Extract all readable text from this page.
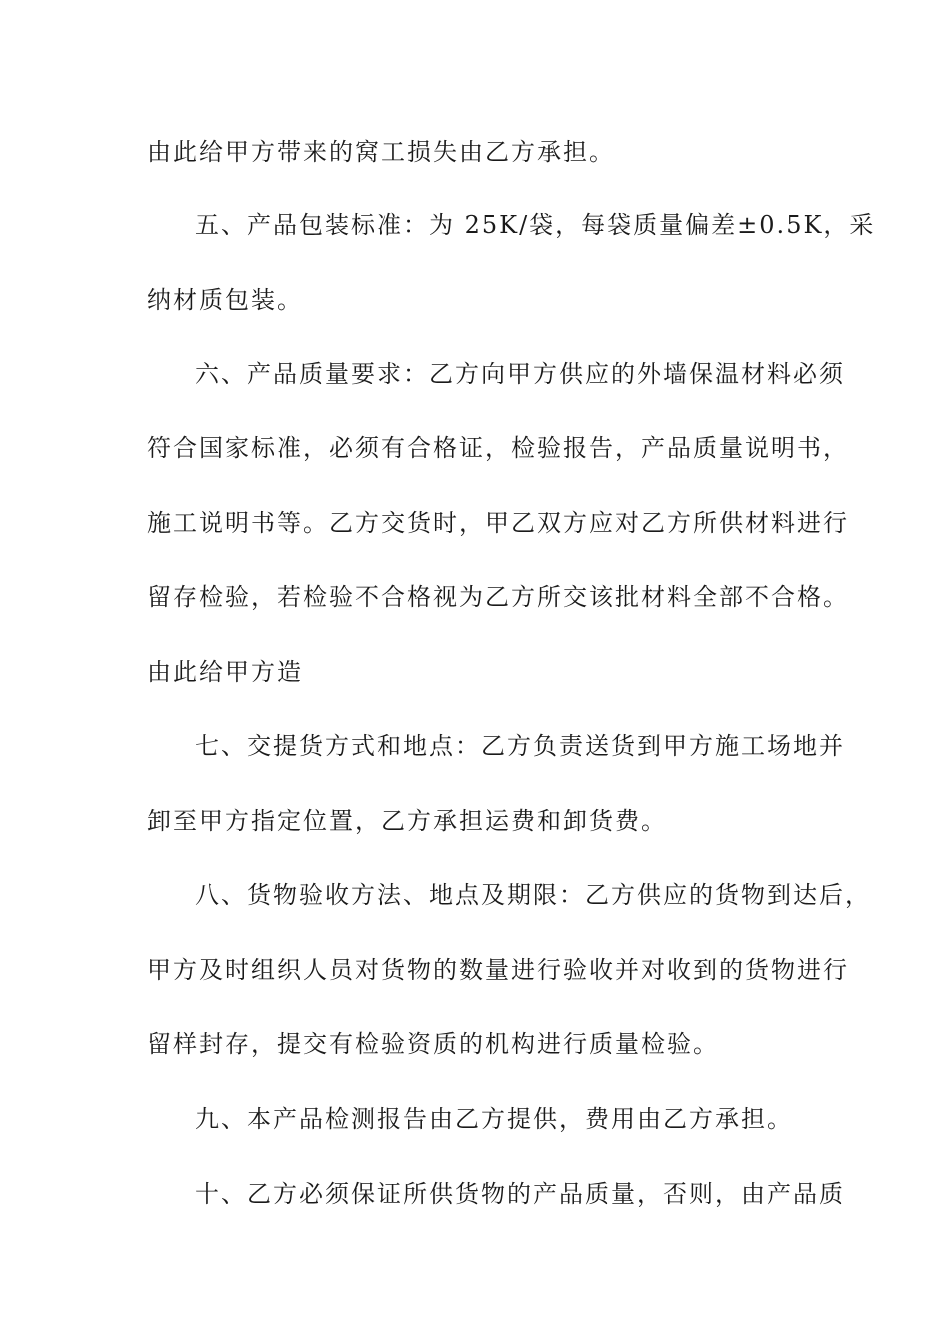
由此给甲方带来的窝工损失由乙方承担。
五、产品包装标准：为 25K/袋，每袋质量偏差±0.5K，采
纳材质包装。
六、产品质量要求：乙方向甲方供应的外墙保温材料必须
符合国家标准，必须有合格证，检验报告，产品质量说明书，
施工说明书等。乙方交货时，甲乙双方应对乙方所供材料进行
留存检验，若检验不合格视为乙方所交该批材料全部不合格。
由此给甲方造
七、交提货方式和地点：乙方负责送货到甲方施工场地并
卸至甲方指定位置，乙方承担运费和卸货费。
八、货物验收方法、地点及期限：乙方供应的货物到达后，
甲方及时组织人员对货物的数量进行验收并对收到的货物进行
留样封存，提交有检验资质的机构进行质量检验。
九、本产品检测报告由乙方提供，费用由乙方承担。
十、乙方必须保证所供货物的产品质量，否则，由产品质
